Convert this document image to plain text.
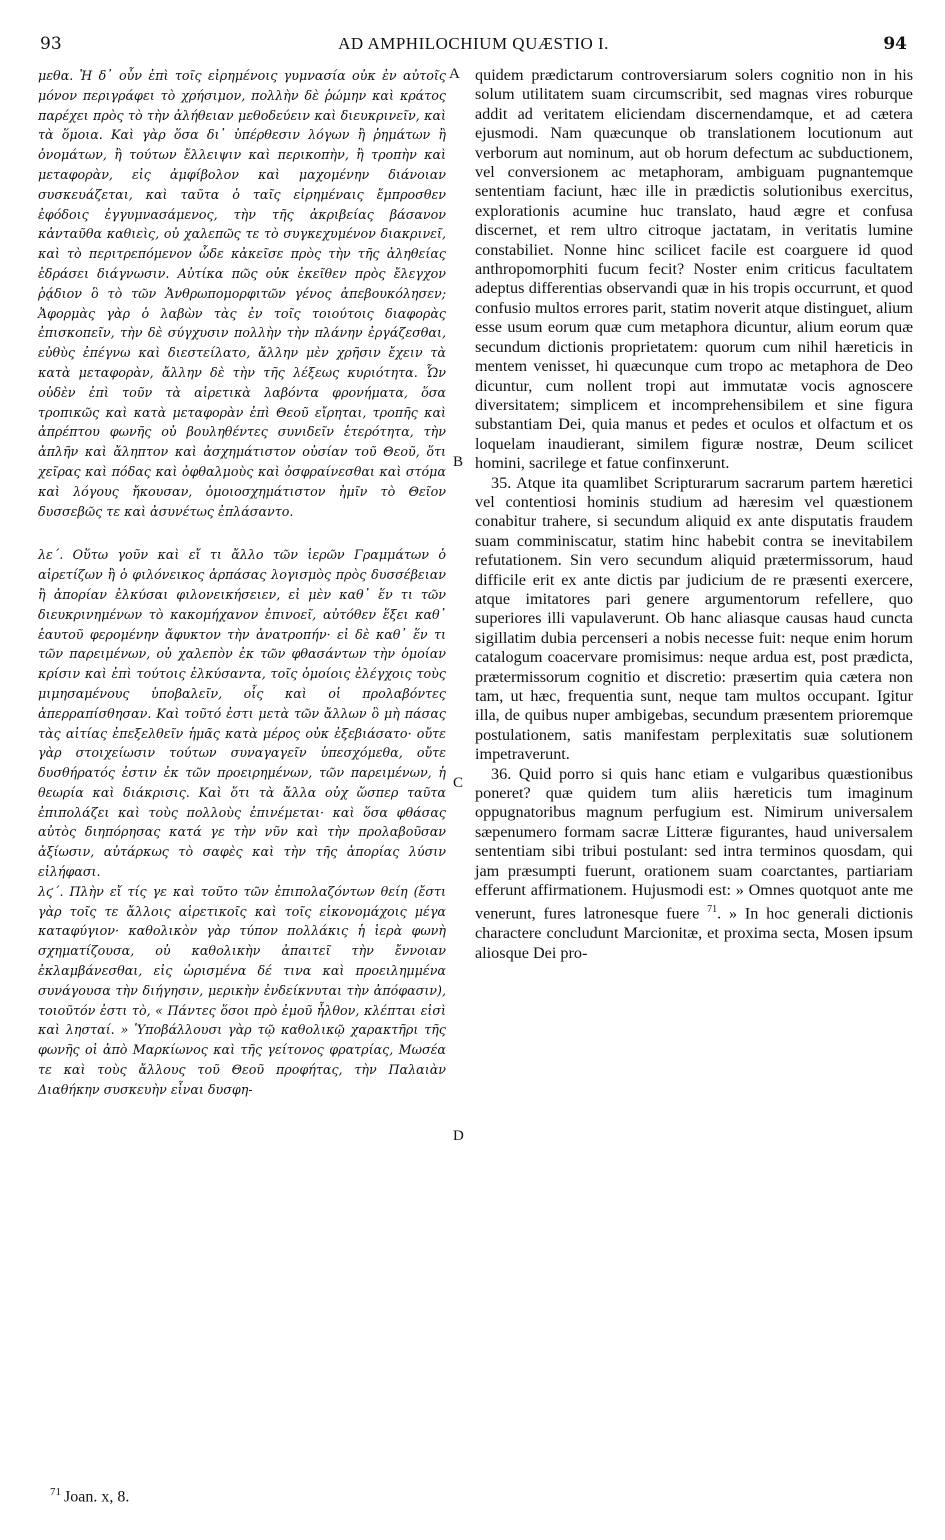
93	AD AMPHILOCHIUM QUÆSTIO I.	94

μεθα. Ἡ δ᾽ οὖν ἐπὶ τοῖς εἰρημένοις γυμνασία οὐκ ἐν αὐτοῖς μόνον περιγράφει τὸ χρήσιμον, πολλὴν δὲ ῥώμην καὶ κράτος παρέχει πρὸς τὸ τὴν ἀλήθειαν μεθοδεύειν καὶ διευκρινεῖν, καὶ τὰ ὅμοια. Καὶ γὰρ ὅσα δι᾽ ὑπέρθεσιν λόγων ἢ ῥημάτων ἢ ὀνομάτων, ἢ τούτων ἔλλειψιν καὶ περικοπὴν, ἢ τροπὴν καὶ μεταφορὰν, εἰς ἀμφίβολον καὶ μαχομένην διάνοιαν συσκευάζεται, καὶ ταῦτα ὁ ταῖς εἰρημέναις ἔμπροσθεν ἐφόδοις ἐγγυμνασάμενος, τὴν τῆς ἀκριβείας βάσανον κἀνταῦθα καθιεὶς, οὐ χαλεπῶς τε τὸ συγκεχυμένον διακρινεῖ, καὶ τὸ περιτρεπόμενον ὧδε κἀκεῖσε πρὸς τὴν τῆς ἀληθείας ἑδράσει διάγνωσιν. Αὐτίκα πῶς οὐκ ἐκεῖθεν πρὸς ἔλεγχον ῥᾴδιον ὃ τὸ τῶν Ἀνθρωπομορφιτῶν γένος ἀπεβουκόλησεν; Ἀφορμὰς γὰρ ὁ λαβὼν τὰς ἐν τοῖς τοιούτοις διαφορὰς ἐπισκοπεῖν, τὴν δὲ σύγχυσιν πολλὴν τὴν πλάνην ἐργάζεσθαι, εὐθὺς ἐπέγνω καὶ διεστείλατο, ἄλλην μὲν χρῆσιν ἔχειν τὰ κατὰ μεταφορὰν, ἄλλην δὲ τὴν τῆς λέξεως κυριότητα. Ὧν οὐδὲν ἐπὶ τοῦν τὰ αἱρετικὰ λαβόντα φρονήματα, ὅσα τροπικῶς καὶ κατὰ μεταφορὰν ἐπὶ Θεοῦ εἴρηται, τροπῆς καὶ ἀπρέπτου φωνῆς οὐ βουληθέντες συνιδεῖν ἑτερότητα, τὴν ἁπλῆν καὶ ἄληπτον καὶ ἀσχημάτιστον οὐσίαν τοῦ Θεοῦ, ὅτι χεῖρας καὶ πόδας καὶ ὀφθαλμοὺς καὶ ὀσφραίνεσθαι καὶ στόμα καὶ λόγους ἤκουσαν, ὁμοιοσχημάτιστον ἡμῖν τὸ Θεῖον δυσσεβῶς τε καὶ ἀσυνέτως ἐπλάσαντο.

λε΄. Οὕτω γοῦν καὶ εἴ τι ἄλλο τῶν ἱερῶν Γραμμάτων ὁ αἱρετίζων ἢ ὁ φιλόνεικος ἁρπάσας λογισμὸς πρὸς δυσσέβειαν ἢ ἀπορίαν ἑλκύσαι φιλονεικήσειεν, εἰ μὲν καθ᾽ ἕν τι τῶν διευκρινημένων τὸ κακομήχανον ἐπινοεῖ, αὐτόθεν ἕξει καθ᾽ ἑαυτοῦ φερομένην ἄφυκτον τὴν ἀνατροπήν· εἰ δὲ καθ᾽ ἕν τι τῶν παρειμένων, οὐ χαλεπὸν ἐκ τῶν φθασάντων τὴν ὁμοίαν κρίσιν καὶ ἐπὶ τούτοις ἑλκύσαντα, τοῖς ὁμοίοις ἐλέγχοις τοὺς μιμησαμένους ὑποβαλεῖν, οἷς καὶ οἱ προλαβόντες ἀπερραπίσθησαν. Καὶ τοῦτό ἐστι μετὰ τῶν ἄλλων ὃ μὴ πάσας τὰς αἰτίας ἐπεξελθεῖν ἡμᾶς κατὰ μέρος οὐκ ἐξεβιάσατο· οὔτε γὰρ στοιχείωσιν τούτων συναγαγεῖν ὑπεσχόμεθα, οὔτε δυσθήρατός ἐστιν ἐκ τῶν προειρημένων, τῶν παρειμένων, ἡ θεωρία καὶ διάκρισις. Καὶ ὅτι τὰ ἄλλα οὐχ ὥσπερ ταῦτα ἐπιπολάζει καὶ τοὺς πολλοὺς ἐπινέμεται· καὶ ὅσα φθάσας αὐτὸς διηπόρησας κατά γε τὴν νῦν καὶ τὴν προλαβοῦσαν ἀξίωσιν, αὐτάρκως τὸ σαφὲς καὶ τὴν τῆς ἀπορίας λύσιν εἰλήφασι.

λϛ΄. Πλὴν εἴ τίς γε καὶ τοῦτο τῶν ἐπιπολαζόντων θείη (ἔστι γὰρ τοῖς τε ἄλλοις αἱρετικοῖς καὶ τοῖς εἰκονομάχοις μέγα καταφύγιον· καθολικὸν γὰρ τύπον πολλάκις ἡ ἱερὰ φωνὴ σχηματίζουσα, οὐ καθολικὴν ἀπαιτεῖ τὴν ἔννοιαν ἐκλαμβάνεσθαι, εἰς ὡρισμένα δέ τινα καὶ προειλημμένα συνάγουσα τὴν διήγησιν, μερικὴν ἐνδείκνυται τὴν ἀπόφασιν), τοιοῦτόν ἐστι τὸ, « Πάντες ὅσοι πρὸ ἐμοῦ ἦλθον, κλέπται εἰσὶ καὶ λησταί. » Ὑποβάλλουσι γὰρ τῷ καθολικῷ χαρακτῆρι τῆς φωνῆς οἱ ἀπὸ Μαρκίωνος καὶ τῆς γείτονος φρατρίας, Μωσέα τε καὶ τοὺς ἄλλους τοῦ Θεοῦ προφήτας, τὴν Παλαιὰν Διαθήκην συσκευὴν εἶναι δυσφη-

A
B
C
D

quidem prædictarum controversiarum solers cognitio non in his solum utilitatem suam circumscribit, sed magnas vires roburque addit ad veritatem eliciendam discernendamque, et ad cætera ejusmodi. Nam quæcunque ob translationem locutionum aut verborum aut nominum, aut ob horum defectum ac subductionem, vel conversionem ac metaphoram, ambiguam pugnantemque sententiam faciunt, hæc ille in prædictis solutionibus exercitus, explorationis acumine huc translato, haud ægre et confusa discernet, et rem ultro citroque jactatam, in veritatis lumine constabiliet. Nonne hinc scilicet facile est coarguere id quod anthropomorphiti fucum fecit? Noster enim criticus facultatem adeptus differentias observandi quæ in his tropis occurrunt, et quod confusio multos errores parit, statim noverit atque distinguet, alium esse usum eorum quæ cum metaphora dicuntur, alium eorum quæ secundum dictionis proprietatem: quorum cum nihil hæreticis in mentem venisset, hi quæcunque cum tropo ac metaphora de Deo dicuntur, cum nollent tropi aut immutatæ vocis agnoscere diversitatem; simplicem et incomprehensibilem et sine figura substantiam Dei, quia manus et pedes et oculos et olfactum et os loquelam inaudierant, similem figuræ nostræ, Deum scilicet homini, sacrilege et fatue confinxerunt.

35. Atque ita quamlibet Scripturarum sacrarum partem hæretici vel contentiosi hominis studium ad hæresim vel quæstionem conabitur trahere, si secundum aliquid ex ante disputatis fraudem suam comminiscatur, statim hinc habebit contra se inevitabilem refutationem. Sin vero secundum aliquid prætermissorum, haud difficile erit ex ante dictis par judicium de re præsenti exercere, atque imitatores pari genere argumentorum refellere, quo superiores illi vapulaverunt. Ob hanc aliasque causas haud cuncta sigillatim dubia percenseri a nobis necesse fuit: neque enim horum catalogum coacervare promisimus: neque ardua est, post prædicta, prætermissorum cognitio et discretio: præsertim quia cætera non tam, ut hæc, frequentia sunt, neque tam multos occupant. Igitur illa, de quibus nuper ambigebas, secundum præsentem prioremque postulationem, satis manifestam perplexitatis suæ solutionem impetraverunt.

36. Quid porro si quis hanc etiam e vulgaribus quæstionibus poneret? quæ quidem tum aliis hæreticis tum imaginum oppugnatoribus magnum perfugium est. Nimirum universalem sæpenumero formam sacræ Litteræ figurantes, haud universalem sententiam sibi tribui postulant: sed intra terminos quosdam, qui jam præsumpti fuerunt, orationem suam coarctantes, partiariam efferunt affirmationem. Hujusmodi est: » Omnes quotquot ante me venerunt, fures latronesque fuere $^{71}$. » In hoc generali dictionis charactere concludunt Marcionitæ, et proxima secta, Mosen ipsum aliosque Dei pro-

$^{71}$ Joan. x, 8.
